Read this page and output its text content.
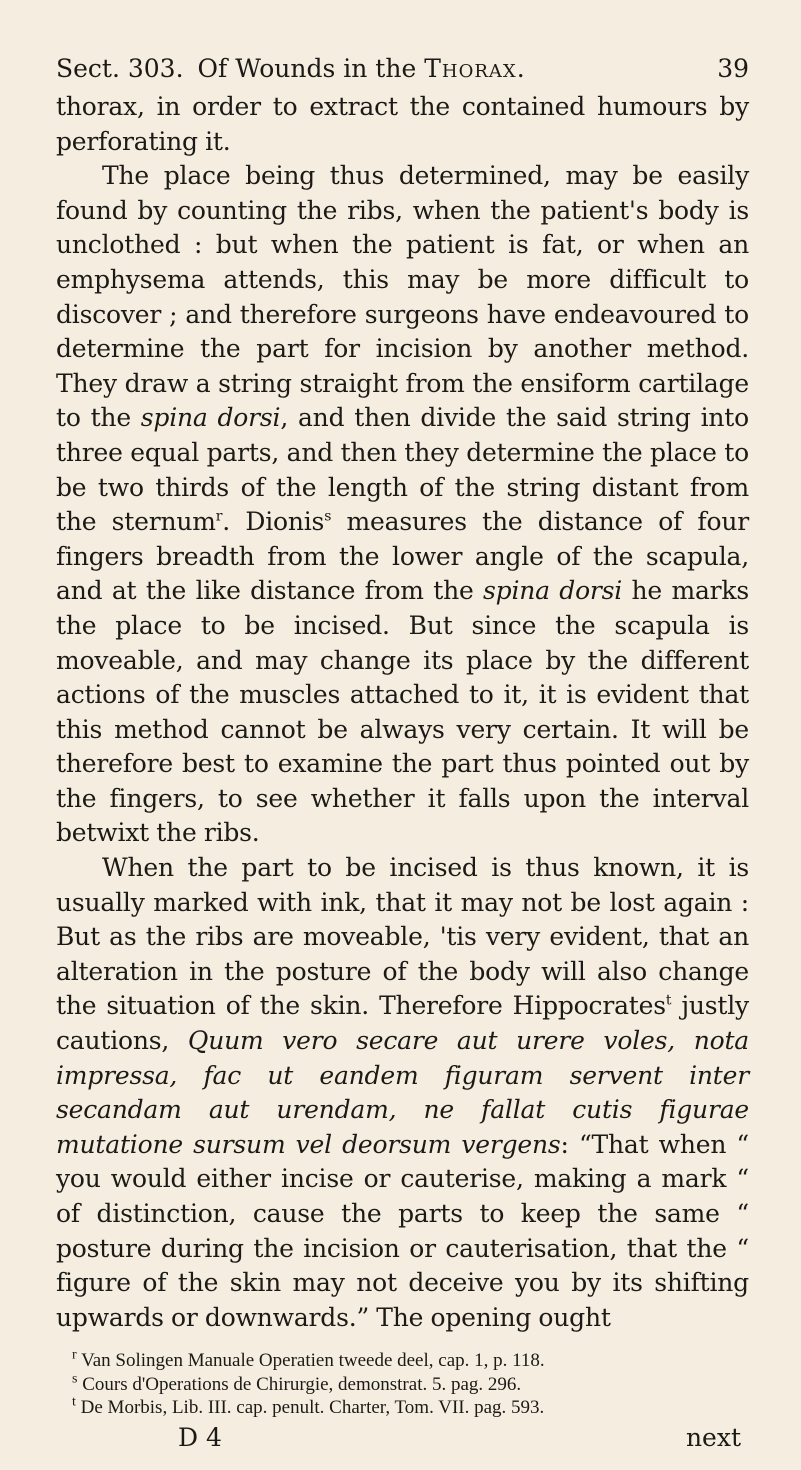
Sect. 303. Of Wounds in the Thorax.	39

thorax, in order to extract the contained humours by perforating it.

The place being thus determined, may be easily found by counting the ribs, when the patient's body is unclothed : but when the patient is fat, or when an emphysema attends, this may be more difficult to discover ; and therefore surgeons have endeavoured to determine the part for incision by another method. They draw a string straight from the ensiform cartilage to the spina dorsi, and then divide the said string into three equal parts, and then they determine the place to be two thirds of the length of the string distant from the sternum$^r$. Dionis$^s$ measures the distance of four fingers breadth from the lower angle of the scapula, and at the like distance from the spina dorsi he marks the place to be incised. But since the scapula is moveable, and may change its place by the different actions of the muscles attached to it, it is evident that this method cannot be always very certain. It will be therefore best to examine the part thus pointed out by the fingers, to see whether it falls upon the interval betwixt the ribs.

When the part to be incised is thus known, it is usually marked with ink, that it may not be lost again : But as the ribs are moveable, 'tis very evident, that an alteration in the posture of the body will also change the situation of the skin. Therefore Hippocrates$^t$ justly cautions, Quum vero secare aut urere voles, nota impressa, fac ut eandem figuram servent inter secandam aut urendam, ne fallat cutis figurae mutatione sursum vel deorsum vergens: “That when “ you would either incise or cauterise, making a mark “ of distinction, cause the parts to keep the same “ posture during the incision or cauterisation, that the “ figure of the skin may not deceive you by its shifting upwards or downwards.” The opening ought

$^r$ Van Solingen Manuale Operatien tweede deel, cap. 1, p. 118.
$^s$ Cours d'Operations de Chirurgie, demonstrat. 5. pag. 296.
$^t$ De Morbis, Lib. III. cap. penult. Charter, Tom. VII. pag. 593.
D 4	next
